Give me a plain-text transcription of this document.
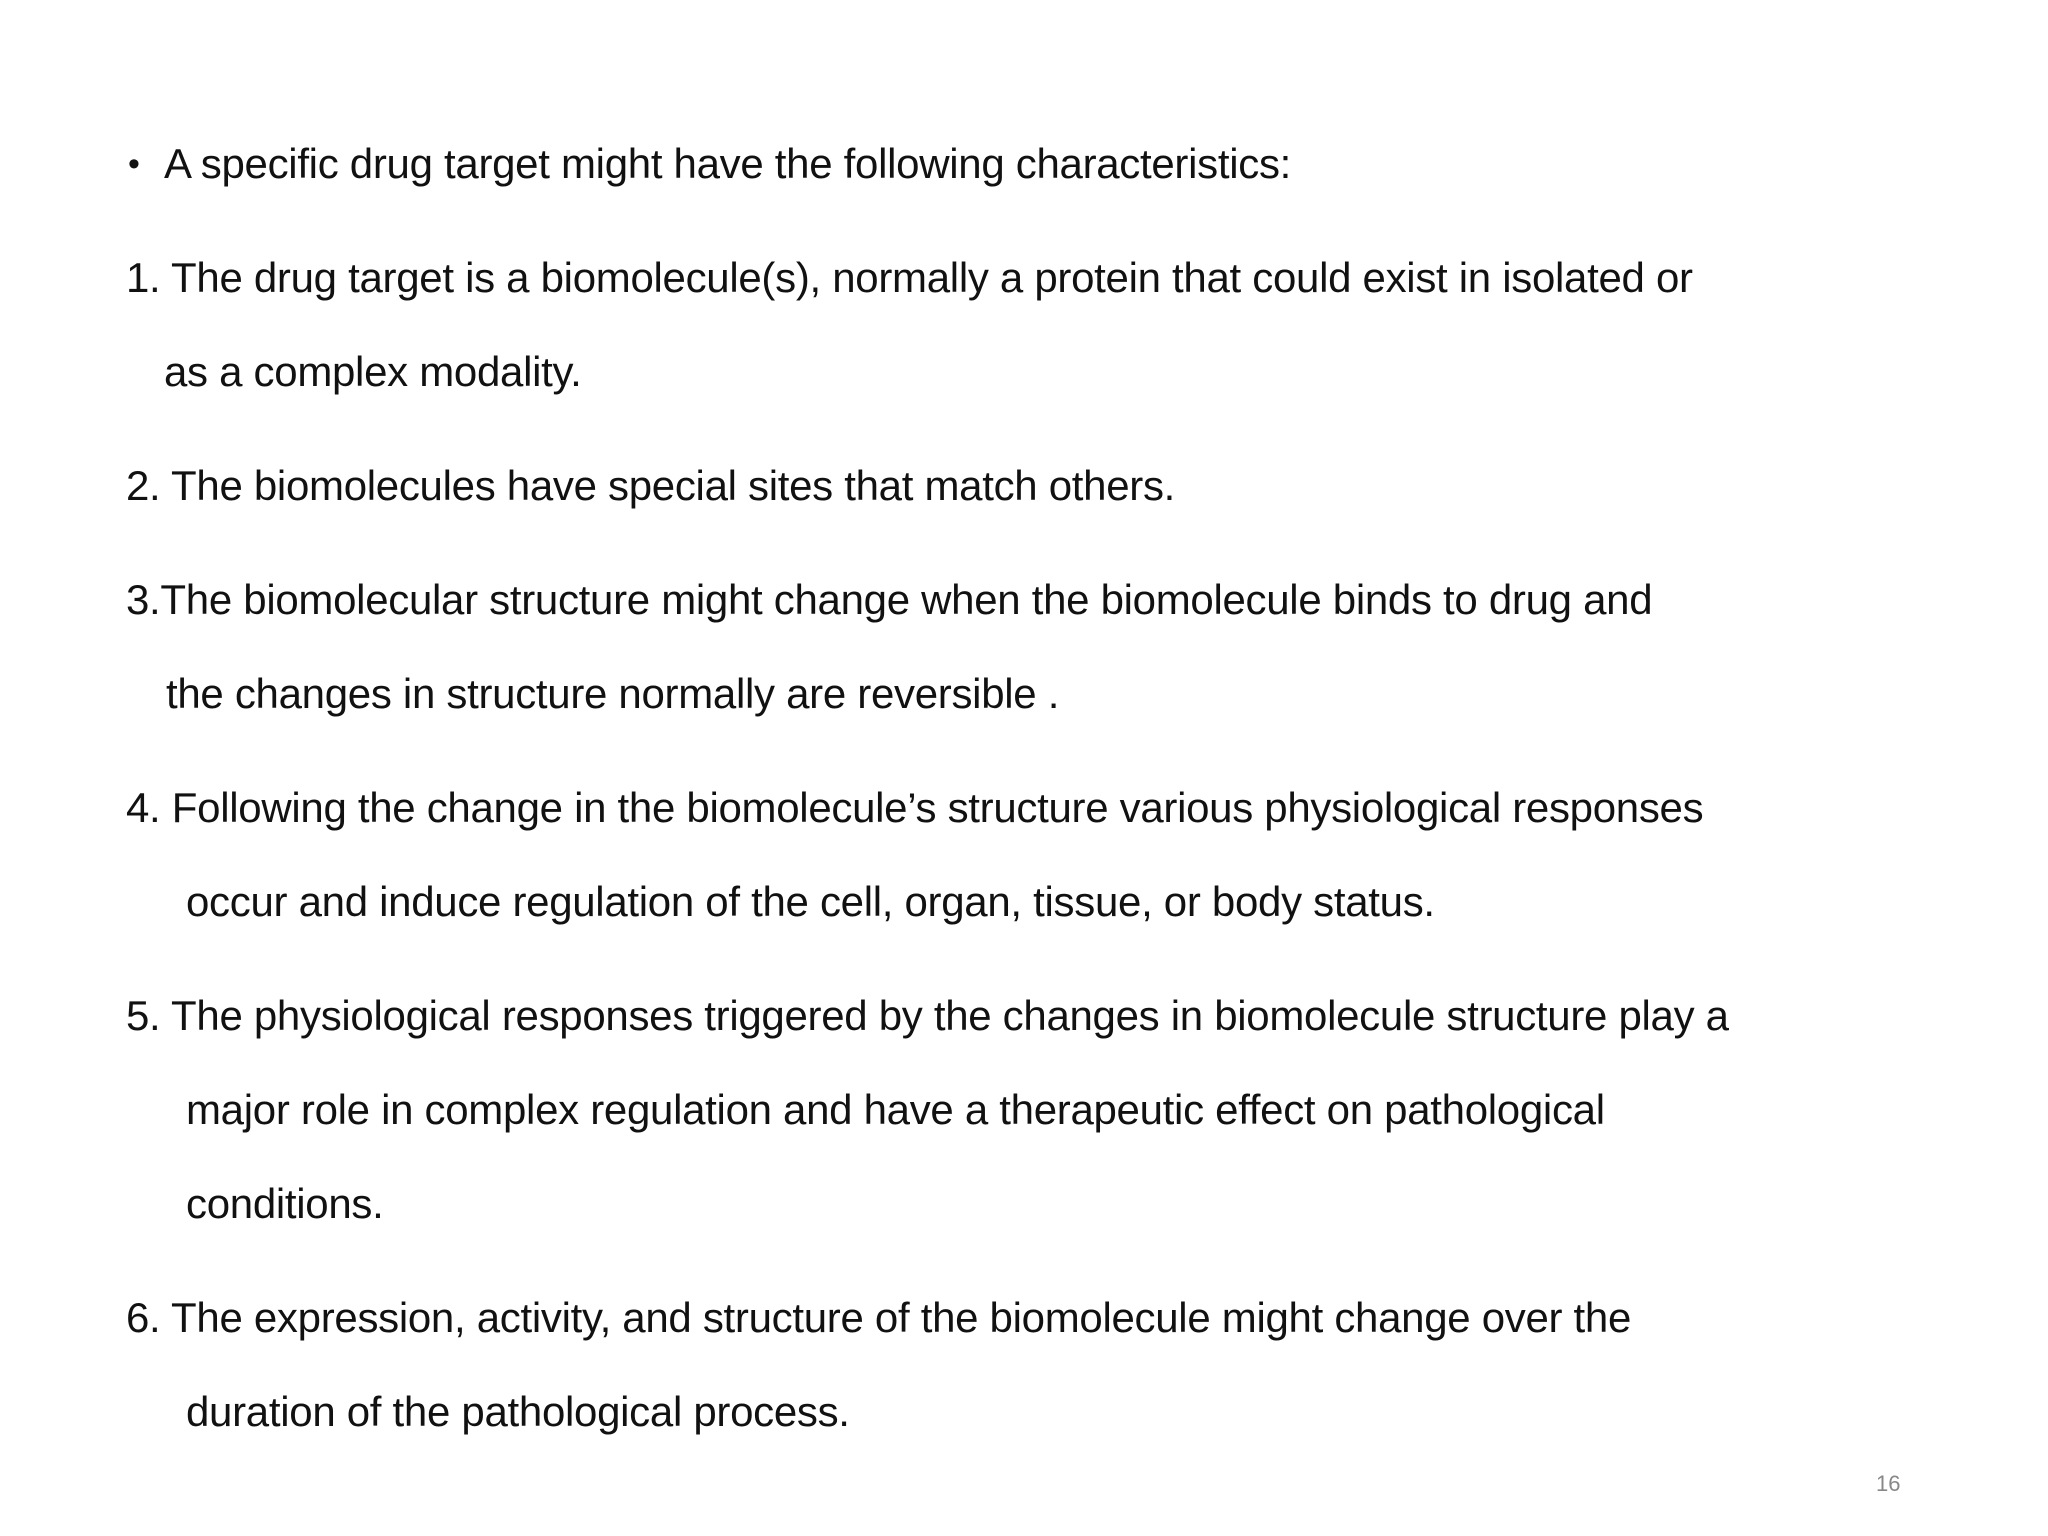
• A specific drug target might have the following characteristics:
1. The drug target is a biomolecule(s), normally a protein that could exist in isolated or
as a complex modality.
2. The biomolecules have special sites that match others.
3.The biomolecular structure might change when the biomolecule binds to drug and
the changes in structure normally are reversible .
4. Following the change in the biomolecule’s structure various physiological responses
occur and induce regulation of the cell, organ, tissue, or body status.
5. The physiological responses triggered by the changes in biomolecule structure play a
major role in complex regulation and have a therapeutic effect on pathological
conditions.
6. The expression, activity, and structure of the biomolecule might change over the
duration of the pathological process.
16
